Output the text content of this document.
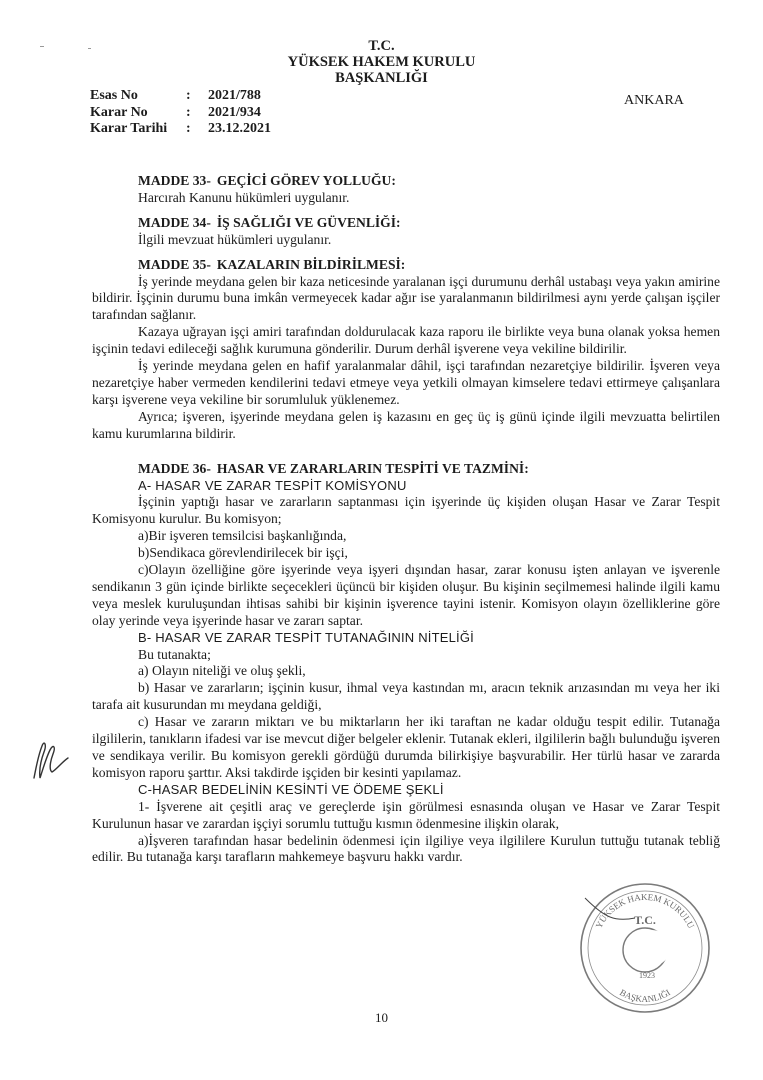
T.C.
YÜKSEK HAKEM KURULU
BAŞKANLIĞI
Esas No	:	2021/788
Karar No	:	2021/934
Karar Tarihi	:	23.12.2021
ANKARA

MADDE 33- GEÇİCİ GÖREV YOLLUĞU:

Harcırah Kanunu hükümleri uygulanır.

MADDE 34- İŞ SAĞLIĞI VE GÜVENLİĞİ:

İlgili mevzuat hükümleri uygulanır.

MADDE 35- KAZALARIN BİLDİRİLMESİ:

İş yerinde meydana gelen bir kaza neticesinde yaralanan işçi durumunu derhâl ustabaşı veya yakın amirine bildirir. İşçinin durumu buna imkân vermeyecek kadar ağır ise yaralanmanın bildirilmesi aynı yerde çalışan işçiler tarafından sağlanır.

Kazaya uğrayan işçi amiri tarafından doldurulacak kaza raporu ile birlikte veya buna olanak yoksa hemen işçinin tedavi edileceği sağlık kurumuna gönderilir. Durum derhâl işverene veya vekiline bildirilir.

İş yerinde meydana gelen en hafif yaralanmalar dâhil, işçi tarafından nezaretçiye bildirilir. İşveren veya nezaretçiye haber vermeden kendilerini tedavi etmeye veya yetkili olmayan kimselere tedavi ettirmeye çalışanlara karşı işverene veya vekiline bir sorumluluk yüklenemez.

Ayrıca; işveren, işyerinde meydana gelen iş kazasını en geç üç iş günü içinde ilgili mevzuatta belirtilen kamu kurumlarına bildirir.

MADDE 36- HASAR VE ZARARLARIN TESPİTİ VE TAZMİNİ:

A- HASAR VE ZARAR TESPİT KOMİSYONU

İşçinin yaptığı hasar ve zararların saptanması için işyerinde üç kişiden oluşan Hasar ve Zarar Tespit Komisyonu kurulur. Bu komisyon;

a)Bir işveren temsilcisi başkanlığında,

b)Sendikaca görevlendirilecek bir işçi,

c)Olayın özelliğine göre işyerinde veya işyeri dışından hasar, zarar konusu işten anlayan ve işverenle sendikanın 3 gün içinde birlikte seçecekleri üçüncü bir kişiden oluşur. Bu kişinin seçilmemesi halinde ilgili kamu veya meslek kuruluşundan ihtisas sahibi bir kişinin işverence tayini istenir. Komisyon olayın özelliklerine göre olay yerinde veya işyerinde hasar ve zararı saptar.

B- HASAR VE ZARAR TESPİT TUTANAĞININ NİTELİĞİ

Bu tutanakta;

a) Olayın niteliği ve oluş şekli,

b) Hasar ve zararların; işçinin kusur, ihmal veya kastından mı, aracın teknik arızasından mı veya her iki tarafa ait kusurundan mı meydana geldiği,

c) Hasar ve zararın miktarı ve bu miktarların her iki taraftan ne kadar olduğu tespit edilir. Tutanağa ilgililerin, tanıkların ifadesi var ise mevcut diğer belgeler eklenir. Tutanak ekleri, ilgililerin bağlı bulunduğu işveren ve sendikaya verilir. Bu komisyon gerekli gördüğü durumda bilirkişiye başvurabilir. Her türlü hasar ve zararda komisyon raporu şarttır. Aksi takdirde işçiden bir kesinti yapılamaz.

C-HASAR BEDELİNİN KESİNTİ VE ÖDEME ŞEKLİ

1- İşverene ait çeşitli araç ve gereçlerde işin görülmesi esnasında oluşan ve Hasar ve Zarar Tespit Kurulunun hasar ve zarardan işçiyi sorumlu tuttuğu kısmın ödenmesine ilişkin olarak,

a)İşveren tarafından hasar bedelinin ödenmesi için ilgiliye veya ilgililere Kurulun tuttuğu tutanak tebliğ edilir. Bu tutanağa karşı tarafların mahkemeye başvuru hakkı vardır.

YÜKSEK HAKEM KURULU
BAŞKANLIĞI
T.C.
1923
10
